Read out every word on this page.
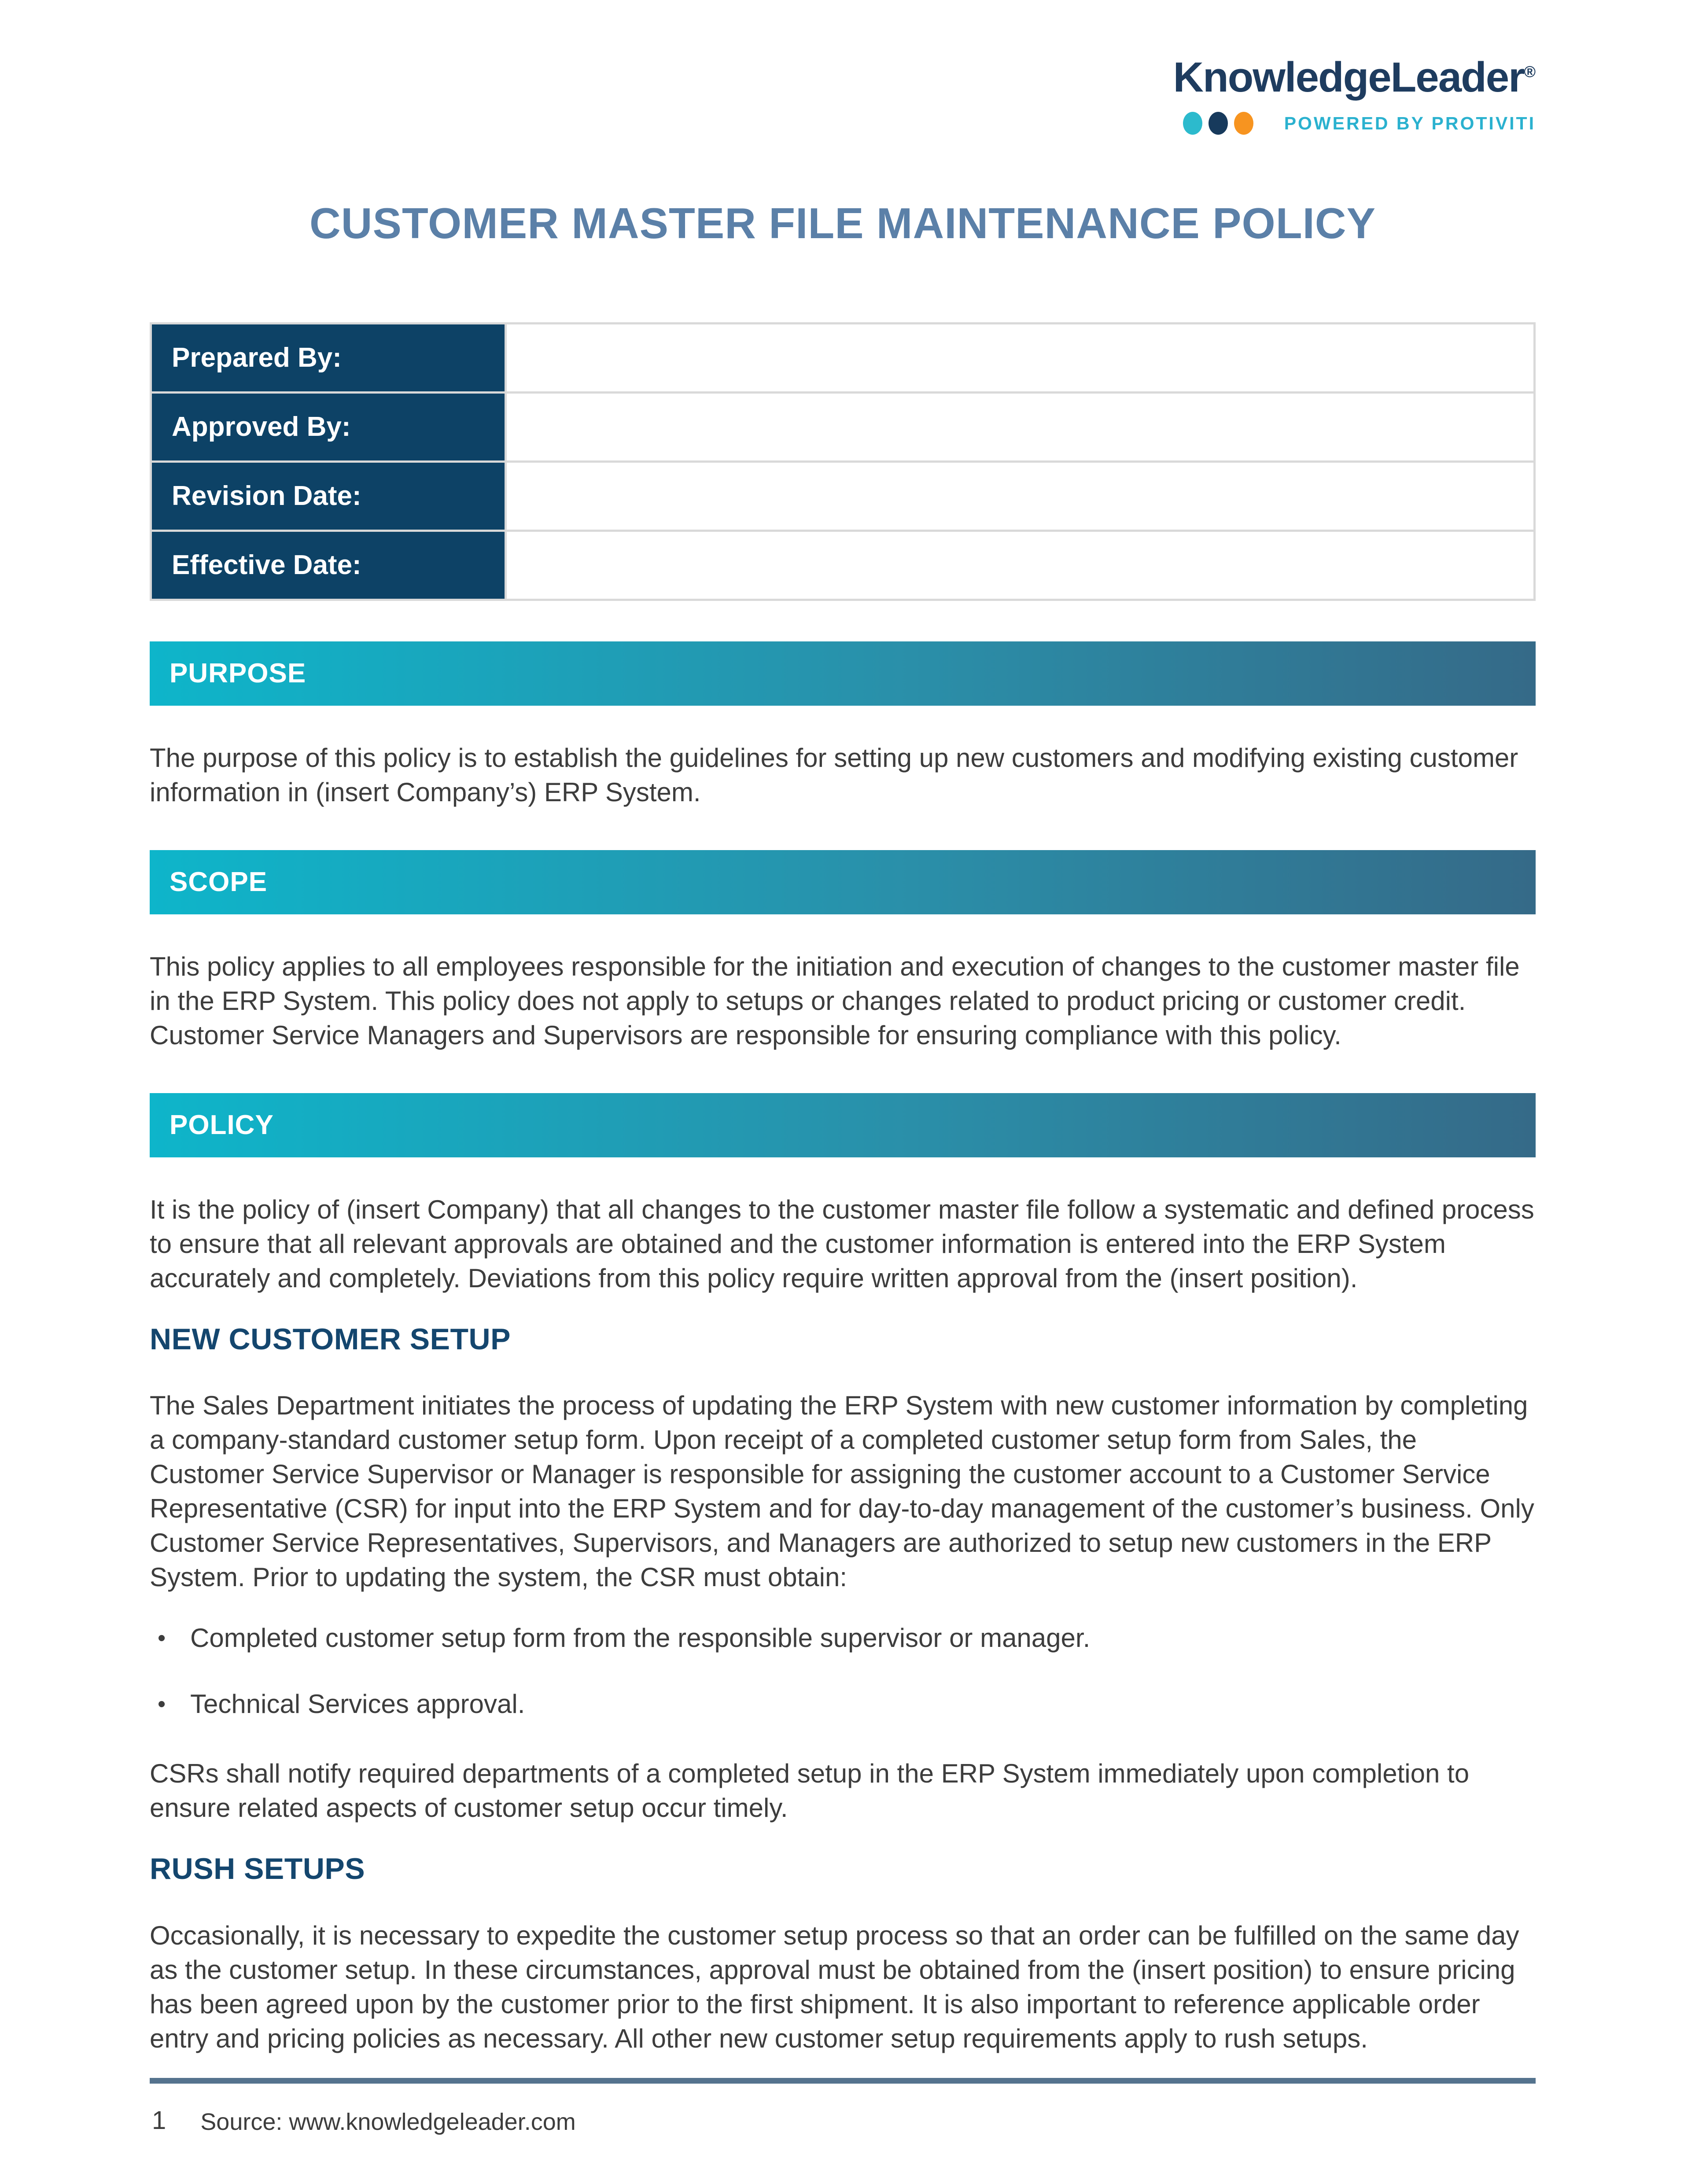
KnowledgeLeader®
POWERED BY PROTIVITI
CUSTOMER MASTER FILE MAINTENANCE POLICY
Prepared By:	
Approved By:	
Revision Date:	
Effective Date:	
PURPOSE

The purpose of this policy is to establish the guidelines for setting up new customers and modifying existing customer information in (insert Company’s) ERP System.

SCOPE

This policy applies to all employees responsible for the initiation and execution of changes to the customer master file in the ERP System. This policy does not apply to setups or changes related to product pricing or customer credit. Customer Service Managers and Supervisors are responsible for ensuring compliance with this policy.

POLICY

It is the policy of (insert Company) that all changes to the customer master file follow a systematic and defined process to ensure that all relevant approvals are obtained and the customer information is entered into the ERP System accurately and completely. Deviations from this policy require written approval from the (insert position).

NEW CUSTOMER SETUP

The Sales Department initiates the process of updating the ERP System with new customer information by completing a company-standard customer setup form. Upon receipt of a completed customer setup form from Sales, the Customer Service Supervisor or Manager is responsible for assigning the customer account to a Customer Service Representative (CSR) for input into the ERP System and for day-to-day management of the customer’s business. Only Customer Service Representatives, Supervisors, and Managers are authorized to setup new customers in the ERP System. Prior to updating the system, the CSR must obtain:

• Completed customer setup form from the responsible supervisor or manager.
• Technical Services approval.

CSRs shall notify required departments of a completed setup in the ERP System immediately upon completion to ensure related aspects of customer setup occur timely.

RUSH SETUPS

Occasionally, it is necessary to expedite the customer setup process so that an order can be fulfilled on the same day as the customer setup. In these circumstances, approval must be obtained from the (insert position) to ensure pricing has been agreed upon by the customer prior to the first shipment. It is also important to reference applicable order entry and pricing policies as necessary. All other new customer setup requirements apply to rush setups.

1 Source: www.knowledgeleader.com
